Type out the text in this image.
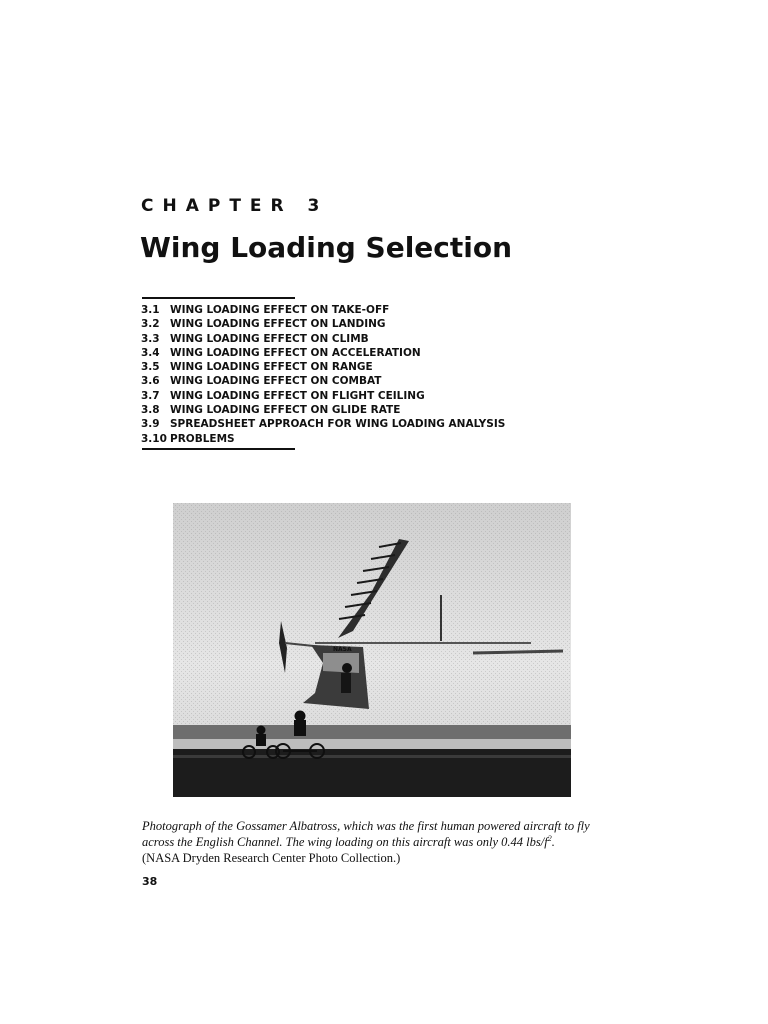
CHAPTER 3
Wing Loading Selection
3.1 WING LOADING EFFECT ON TAKE-OFF
3.2 WING LOADING EFFECT ON LANDING
3.3 WING LOADING EFFECT ON CLIMB
3.4 WING LOADING EFFECT ON ACCELERATION
3.5 WING LOADING EFFECT ON RANGE
3.6 WING LOADING EFFECT ON COMBAT
3.7 WING LOADING EFFECT ON FLIGHT CEILING
3.8 WING LOADING EFFECT ON GLIDE RATE
3.9 SPREADSHEET APPROACH FOR WING LOADING ANALYSIS
3.10 PROBLEMS
NASA
Photograph of the Gossamer Albatross, which was the first human powered aircraft to fly across the English Channel. The wing loading on this aircraft was only 0.44 lbs/$f^2$.
(NASA Dryden Research Center Photo Collection.)
38
